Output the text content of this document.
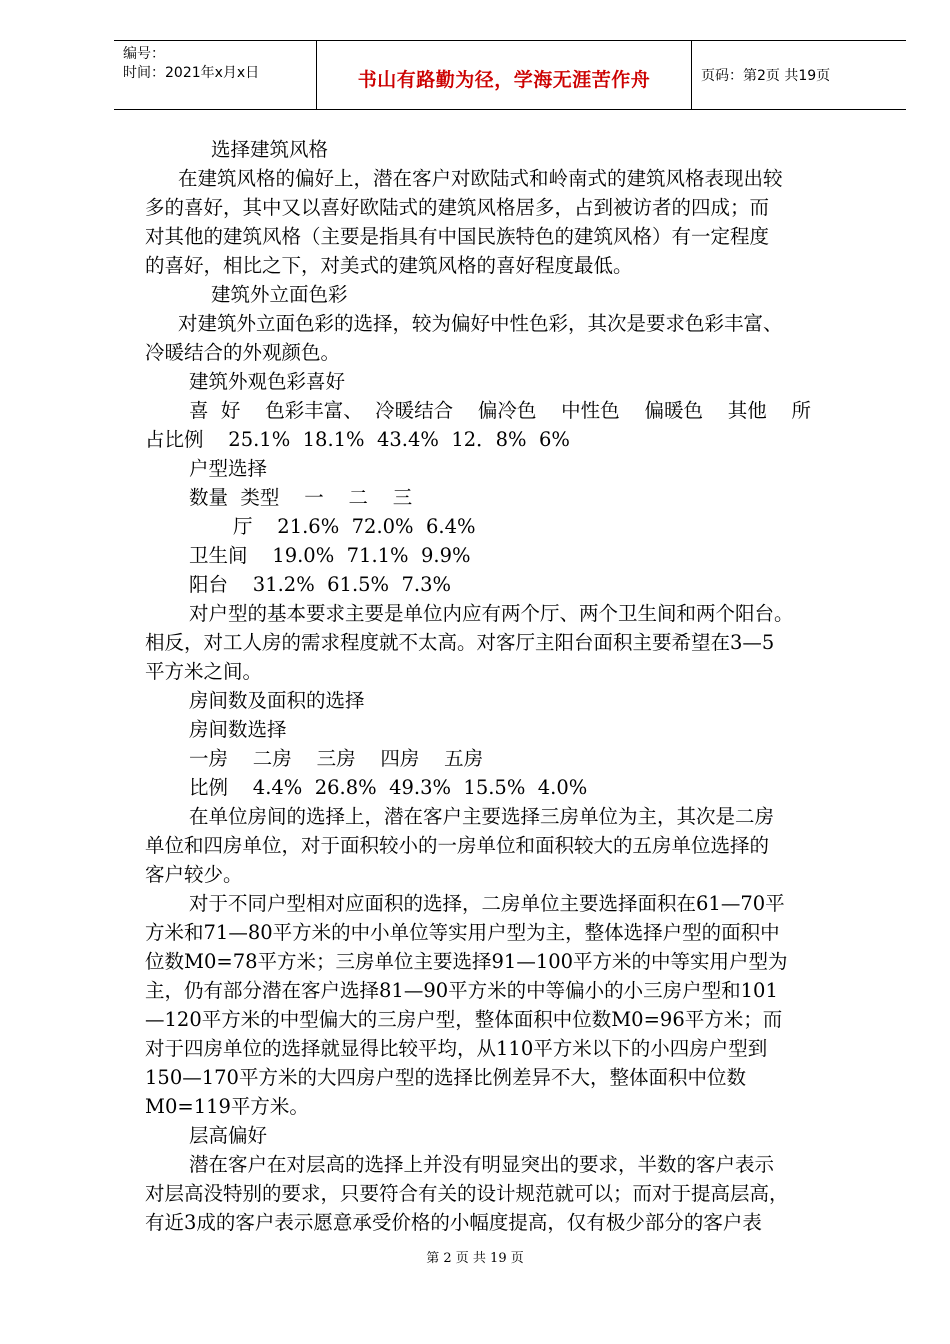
编号：
时间：2021年x月x日	书山有路勤为径，学海无涯苦作舟	页码：第2页 共19页
选择建筑风格
在建筑风格的偏好上，潜在客户对欧陆式和岭南式的建筑风格表现出较
多的喜好，其中又以喜好欧陆式的建筑风格居多，占到被访者的四成；而
对其他的建筑风格（主要是指具有中国民族特色的建筑风格）有一定程度
的喜好，相比之下，对美式的建筑风格的喜好程度最低。
建筑外立面色彩
对建筑外立面色彩的选择，较为偏好中性色彩，其次是要求色彩丰富、
冷暖结合的外观颜色。
建筑外观色彩喜好
喜  好    色彩丰富、  冷暖结合    偏冷色    中性色    偏暖色    其他    所
占比例    25.1%  18.1%  43.4%  12．8%  6%
户型选择
数量  类型    一    二    三
厅    21.6%  72.0%  6.4%
卫生间    19.0%  71.1%  9.9%
阳台    31.2%  61.5%  7.3%
对户型的基本要求主要是单位内应有两个厅、两个卫生间和两个阳台。
相反，对工人房的需求程度就不太高。对客厅主阳台面积主要希望在3—5
平方米之间。
房间数及面积的选择
房间数选择
一房    二房    三房    四房    五房
比例    4.4%  26.8%  49.3%  15.5%  4.0%
在单位房间的选择上，潜在客户主要选择三房单位为主，其次是二房
单位和四房单位，对于面积较小的一房单位和面积较大的五房单位选择的
客户较少。
对于不同户型相对应面积的选择，二房单位主要选择面积在61—70平
方米和71—80平方米的中小单位等实用户型为主，整体选择户型的面积中
位数M0=78平方米；三房单位主要选择91—100平方米的中等实用户型为
主，仍有部分潜在客户选择81—90平方米的中等偏小的小三房户型和101
—120平方米的中型偏大的三房户型，整体面积中位数M0=96平方米；而
对于四房单位的选择就显得比较平均，从110平方米以下的小四房户型到
150—170平方米的大四房户型的选择比例差异不大，整体面积中位数
M0=119平方米。
层高偏好
潜在客户在对层高的选择上并没有明显突出的要求，半数的客户表示
对层高没特别的要求，只要符合有关的设计规范就可以；而对于提高层高，
有近3成的客户表示愿意承受价格的小幅度提高，仅有极少部分的客户表
第 2 页 共 19 页
